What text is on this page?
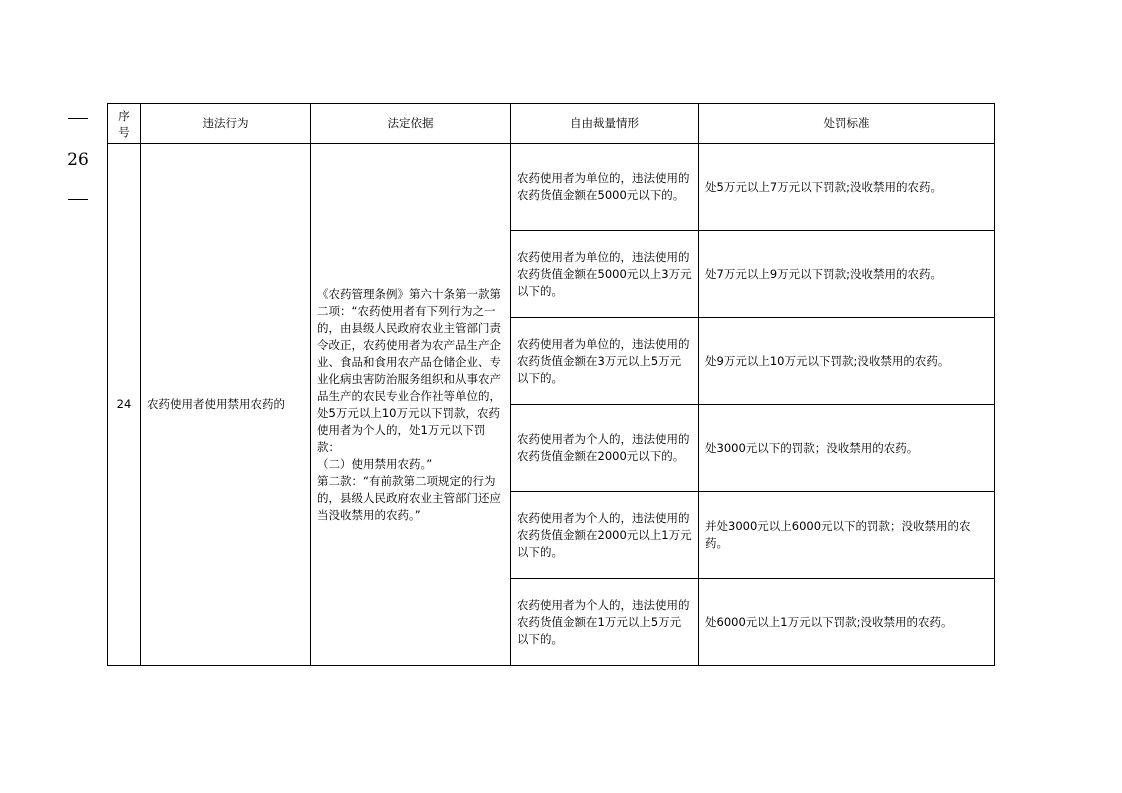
26
序号	违法行为	法定依据	自由裁量情形	处罚标准
24	农药使用者使用禁用农药的	《农药管理条例》第六十条第一款第二项：“农药使用者有下列行为之一的，由县级人民政府农业主管部门责令改正，农药使用者为农产品生产企业、食品和食用农产品仓储企业、专业化病虫害防治服务组织和从事农产品生产的农民专业合作社等单位的，处5万元以上10万元以下罚款，农药使用者为个人的，处1万元以下罚款：
（二）使用禁用农药。”
第二款：“有前款第二项规定的行为的，县级人民政府农业主管部门还应当没收禁用的农药。”	农药使用者为单位的，违法使用的农药货值金额在5000元以下的。	处5万元以上7万元以下罚款;没收禁用的农药。
			农药使用者为单位的，违法使用的农药货值金额在5000元以上3万元以下的。	处7万元以上9万元以下罚款;没收禁用的农药。
			农药使用者为单位的，违法使用的农药货值金额在3万元以上5万元以下的。	处9万元以上10万元以下罚款;没收禁用的农药。
			农药使用者为个人的，违法使用的农药货值金额在2000元以下的。	处3000元以下的罚款；没收禁用的农药。
			农药使用者为个人的，违法使用的农药货值金额在2000元以上1万元以下的。	并处3000元以上6000元以下的罚款；没收禁用的农药。
			农药使用者为个人的，违法使用的农药货值金额在1万元以上5万元以下的。	处6000元以上1万元以下罚款;没收禁用的农药。
